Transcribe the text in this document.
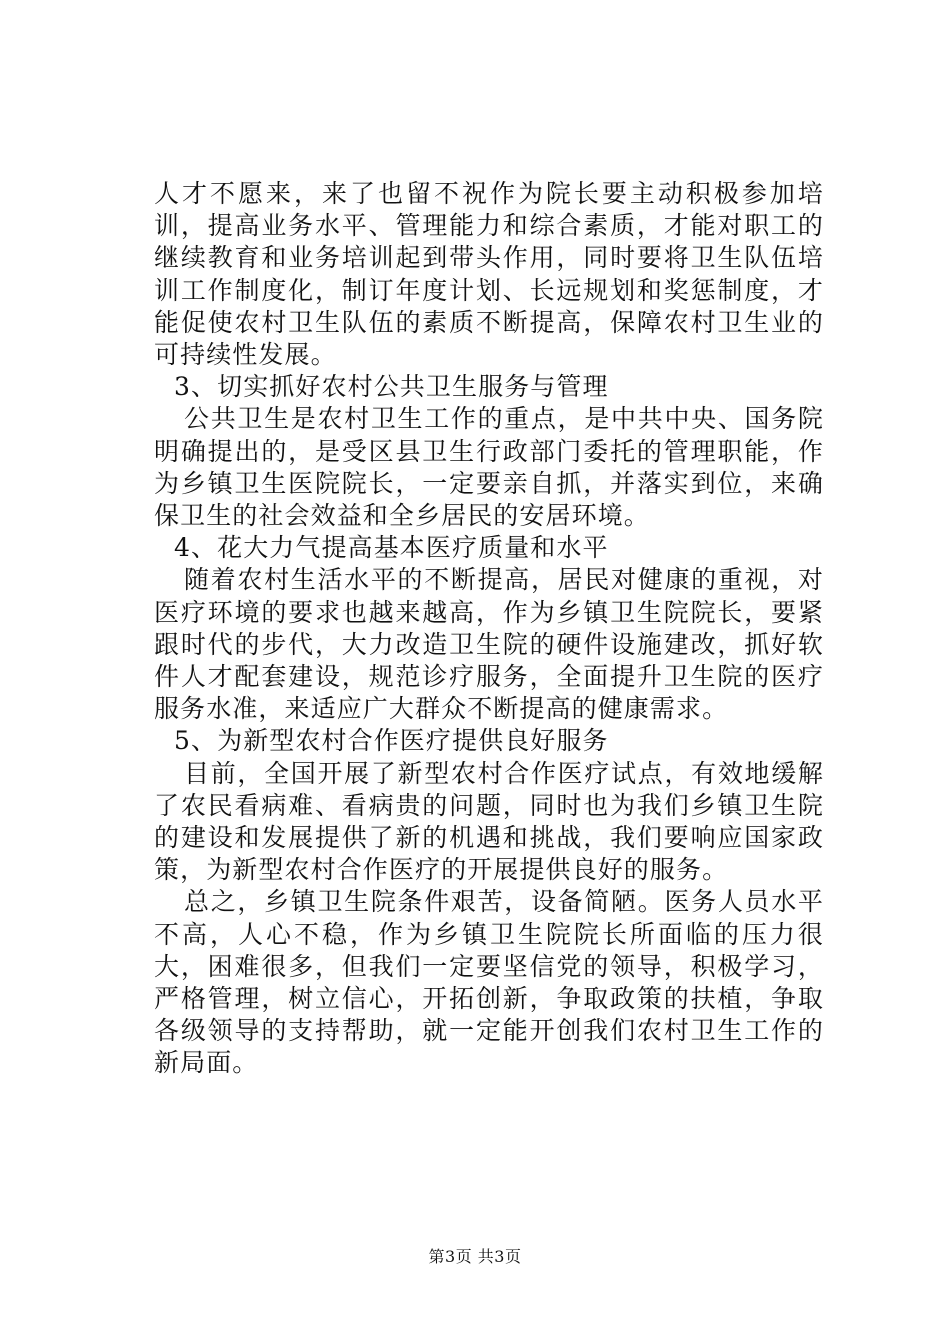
人才不愿来，来了也留不祝作为院长要主动积极参加培训，提高业务水平、管理能力和综合素质，才能对职工的继续教育和业务培训起到带头作用，同时要将卫生队伍培训工作制度化，制订年度计划、长远规划和奖惩制度，才能促使农村卫生队伍的素质不断提高，保障农村卫生业的可持续性发展。

3、切实抓好农村公共卫生服务与管理

公共卫生是农村卫生工作的重点，是中共中央、国务院明确提出的，是受区县卫生行政部门委托的管理职能，作为乡镇卫生医院院长，一定要亲自抓，并落实到位，来确保卫生的社会效益和全乡居民的安居环境。

4、花大力气提高基本医疗质量和水平

随着农村生活水平的不断提高，居民对健康的重视，对医疗环境的要求也越来越高，作为乡镇卫生院院长，要紧跟时代的步代，大力改造卫生院的硬件设施建改，抓好软件人才配套建设，规范诊疗服务，全面提升卫生院的医疗服务水准，来适应广大群众不断提高的健康需求。

5、为新型农村合作医疗提供良好服务

目前，全国开展了新型农村合作医疗试点，有效地缓解了农民看病难、看病贵的问题，同时也为我们乡镇卫生院的建设和发展提供了新的机遇和挑战，我们要响应国家政策，为新型农村合作医疗的开展提供良好的服务。

总之，乡镇卫生院条件艰苦，设备简陋。医务人员水平不高，人心不稳，作为乡镇卫生院院长所面临的压力很大，困难很多，但我们一定要坚信党的领导，积极学习，严格管理，树立信心，开拓创新，争取政策的扶植，争取各级领导的支持帮助，就一定能开创我们农村卫生工作的新局面。

第3页 共3页
